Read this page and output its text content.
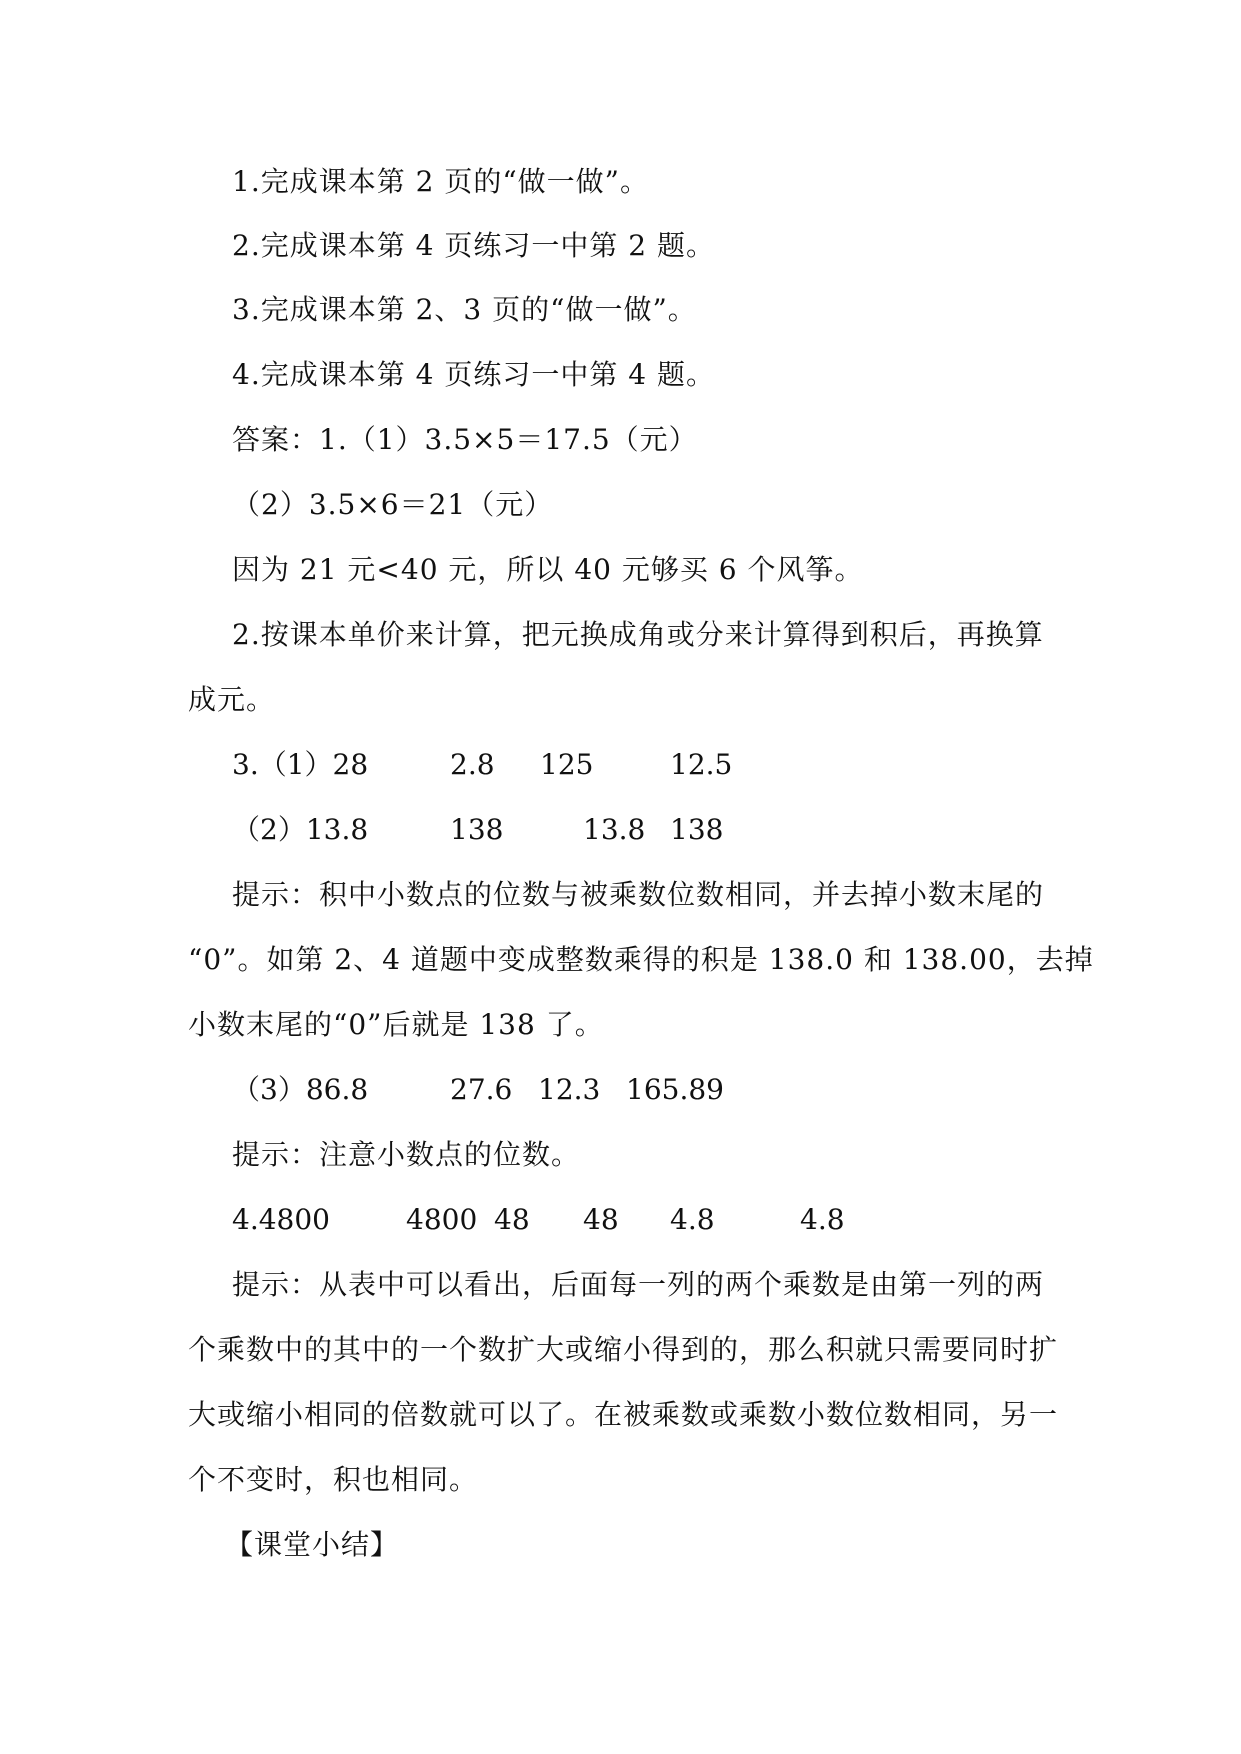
1.完成课本第 2 页的“做一做”。
2.完成课本第 4 页练习一中第 2 题。
3.完成课本第 2、3 页的“做一做”。
4.完成课本第 4 页练习一中第 4 题。
答案：1.（1）3.5×5＝17.5（元）
（2）3.5×6＝21（元）
因为 21 元<40 元，所以 40 元够买 6 个风筝。
2.按课本单价来计算，把元换成角或分来计算得到积后，再换算
成元。
3.（1）28	2.8 125	12.5
（2）13.8	138	13.8 138
提示：积中小数点的位数与被乘数位数相同，并去掉小数末尾的
“0”。如第 2、4 道题中变成整数乘得的积是 138.0 和 138.00，去掉
小数末尾的“0”后就是 138 了。
（3）86.8	27.6 12.3 165.89
提示：注意小数点的位数。
4.4800	4800 48 48 4.8	4.8
提示：从表中可以看出，后面每一列的两个乘数是由第一列的两
个乘数中的其中的一个数扩大或缩小得到的，那么积就只需要同时扩
大或缩小相同的倍数就可以了。在被乘数或乘数小数位数相同，另一
个不变时，积也相同。
【课堂小结】
